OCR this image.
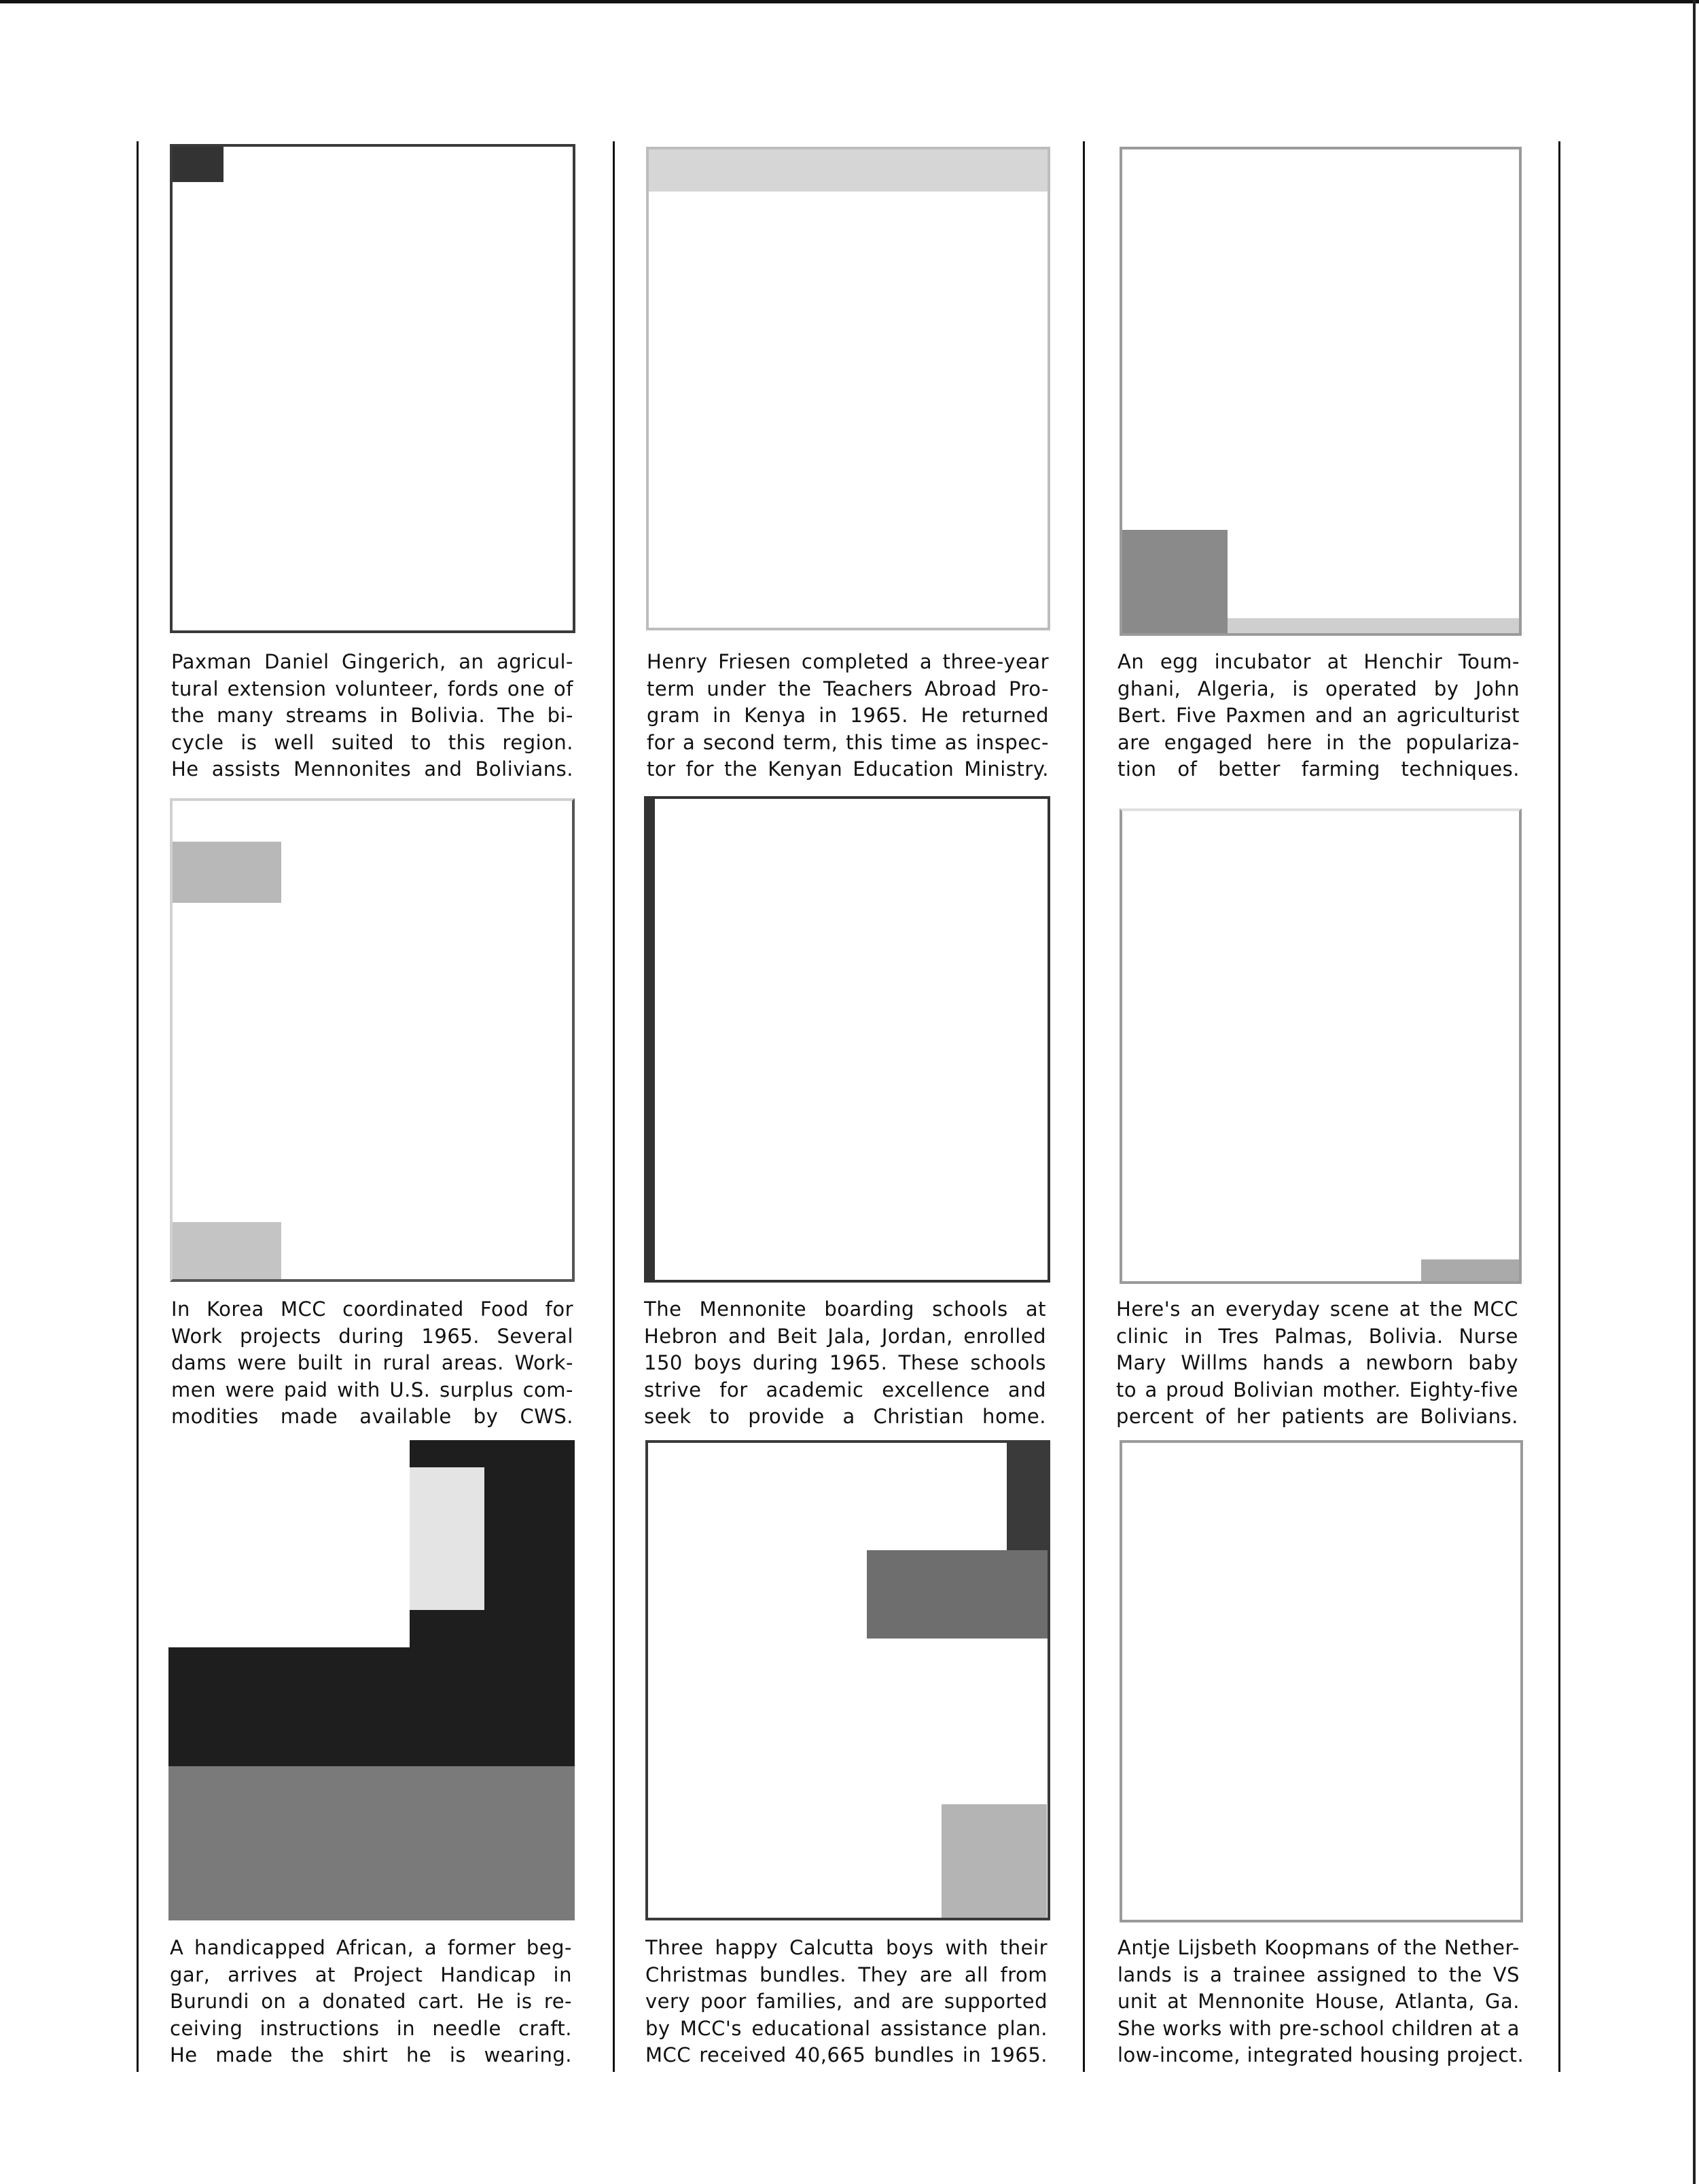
Paxman Daniel Gingerich, an agricul-
tural extension volunteer, fords one of
the many streams in Bolivia. The bi-
cycle is well suited to this region.
He assists Mennonites and Bolivians.
Henry Friesen completed a three-year
term under the Teachers Abroad Pro-
gram in Kenya in 1965. He returned
for a second term, this time as inspec-
tor for the Kenyan Education Ministry.
An egg incubator at Henchir Toum-
ghani, Algeria, is operated by John
Bert. Five Paxmen and an agriculturist
are engaged here in the populariza-
tion of better farming techniques.
In Korea MCC coordinated Food for
Work projects during 1965. Several
dams were built in rural areas. Work-
men were paid with U.S. surplus com-
modities made available by CWS.
The Mennonite boarding schools at
Hebron and Beit Jala, Jordan, enrolled
150 boys during 1965. These schools
strive for academic excellence and
seek to provide a Christian home.
Here's an everyday scene at the MCC
clinic in Tres Palmas, Bolivia. Nurse
Mary Willms hands a newborn baby
to a proud Bolivian mother. Eighty-five
percent of her patients are Bolivians.
A handicapped African, a former beg-
gar, arrives at Project Handicap in
Burundi on a donated cart. He is re-
ceiving instructions in needle craft.
He made the shirt he is wearing.
Three happy Calcutta boys with their
Christmas bundles. They are all from
very poor families, and are supported
by MCC's educational assistance plan.
MCC received 40,665 bundles in 1965.
Antje Lijsbeth Koopmans of the Nether-
lands is a trainee assigned to the VS
unit at Mennonite House, Atlanta, Ga.
She works with pre-school children at a
low-income, integrated housing project.
